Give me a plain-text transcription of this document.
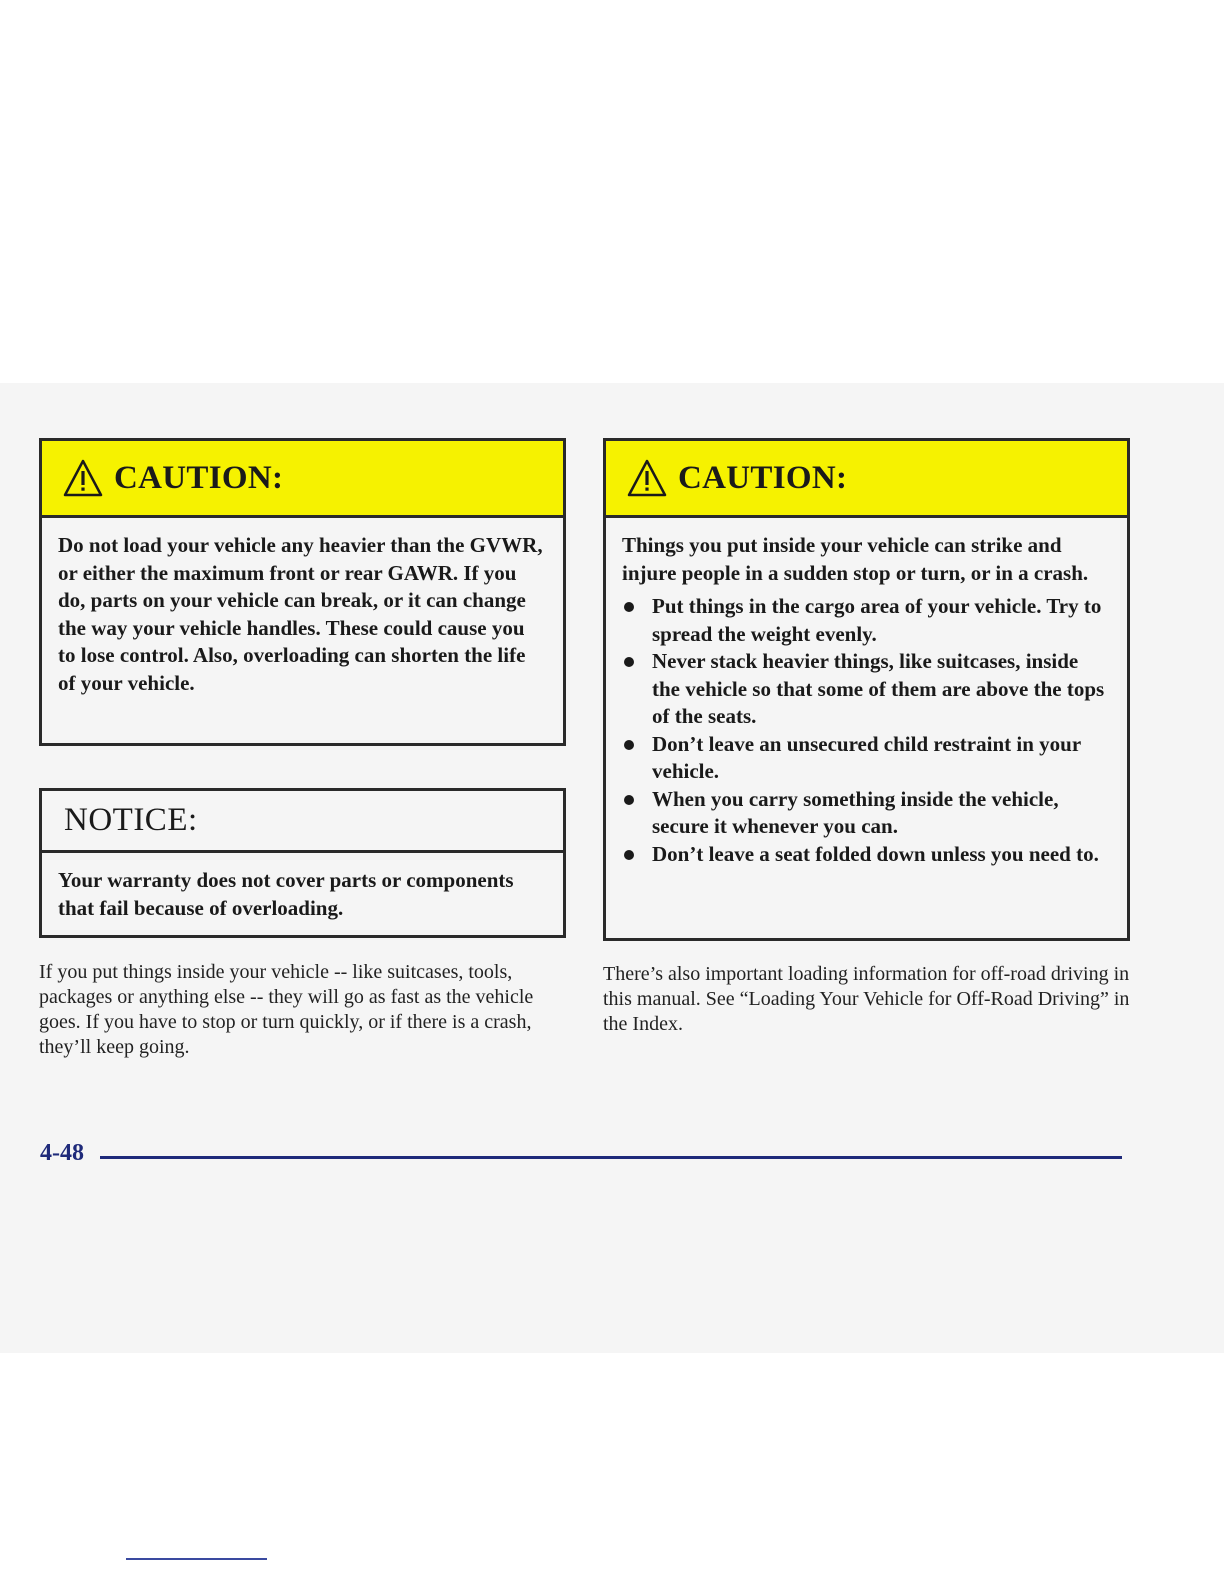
CAUTION:
Do not load your vehicle any heavier than the GVWR, or either the maximum front or rear GAWR. If you do, parts on your vehicle can break, or it can change the way your vehicle handles. These could cause you to lose control. Also, overloading can shorten the life of your vehicle.
NOTICE:
Your warranty does not cover parts or components that fail because of overloading.
CAUTION:
Things you put inside your vehicle can strike and injure people in a sudden stop or turn, or in a crash.
Put things in the cargo area of your vehicle. Try to spread the weight evenly.
Never stack heavier things, like suitcases, inside the vehicle so that some of them are above the tops of the seats.
Don’t leave an unsecured child restraint in your vehicle.
When you carry something inside the vehicle, secure it whenever you can.
Don’t leave a seat folded down unless you need to.
If you put things inside your vehicle -- like suitcases, tools, packages or anything else -- they will go as fast as the vehicle goes. If you have to stop or turn quickly, or if there is a crash, they’ll keep going.
There’s also important loading information for off-road driving in this manual. See “Loading Your Vehicle for Off-Road Driving” in the Index.
4-48
